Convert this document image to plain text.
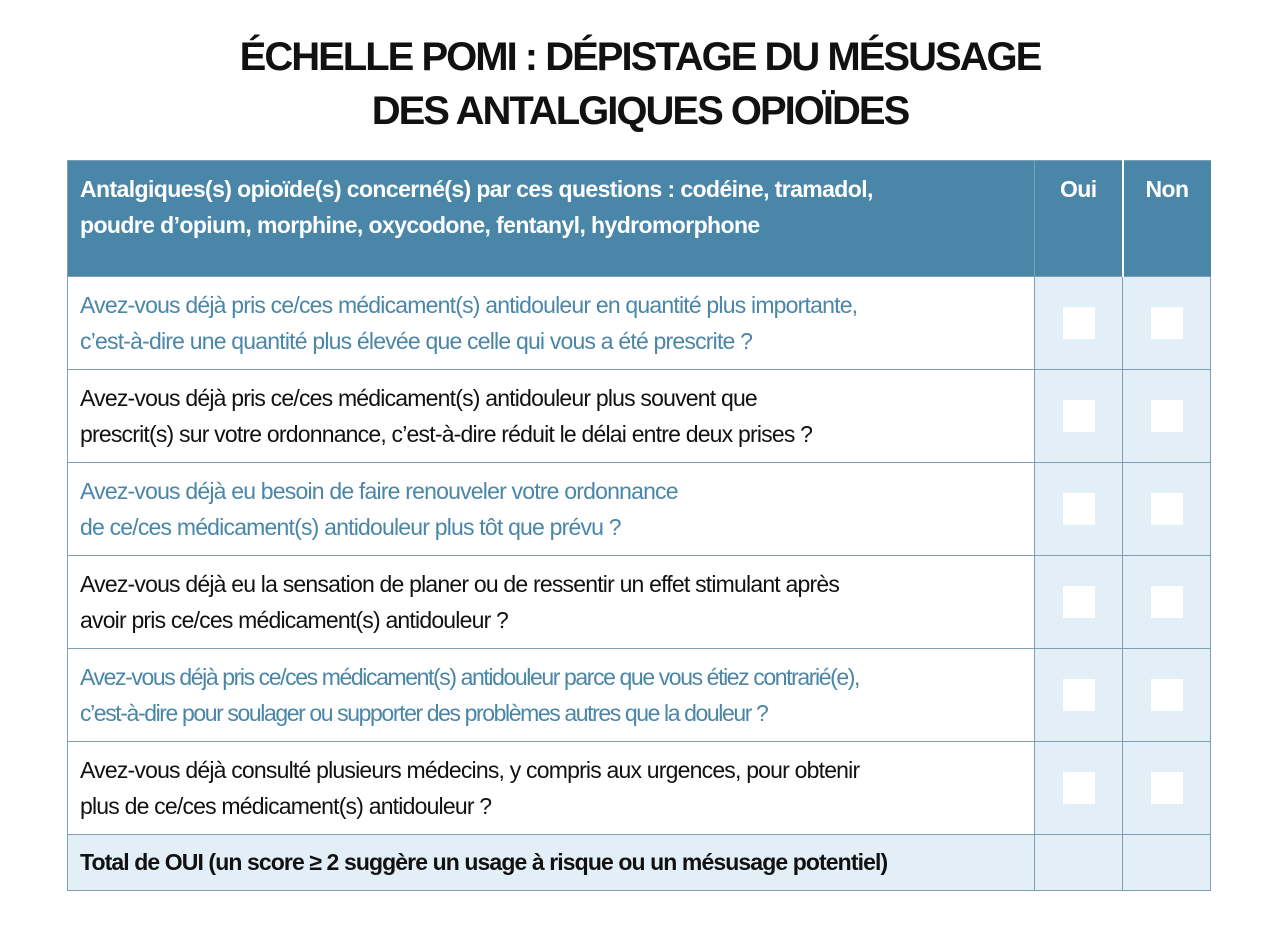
ÉCHELLE POMI : DÉPISTAGE DU MÉSUSAGE
DES ANTALGIQUES OPIOÏDES
Antalgiques(s) opioïde(s) concerné(s) par ces questions : codéine, tramadol,
poudre d’opium, morphine, oxycodone, fentanyl, hydromorphone	Oui	Non

Avez-vous déjà pris ce/ces médicament(s) antidouleur en quantité plus importante,
c’est-à-dire une quantité plus élevée que celle qui vous a été prescrite ?		

Avez-vous déjà pris ce/ces médicament(s) antidouleur plus souvent que
prescrit(s) sur votre ordonnance, c’est-à-dire réduit le délai entre deux prises ?		

Avez-vous déjà eu besoin de faire renouveler votre ordonnance
de ce/ces médicament(s) antidouleur plus tôt que prévu ?		

Avez-vous déjà eu la sensation de planer ou de ressentir un effet stimulant après
avoir pris ce/ces médicament(s) antidouleur ?		

Avez-vous déjà pris ce/ces médicament(s) antidouleur parce que vous étiez contrarié(e),
c’est-à-dire pour soulager ou supporter des problèmes autres que la douleur ?		

Avez-vous déjà consulté plusieurs médecins, y compris aux urgences, pour obtenir
plus de ce/ces médicament(s) antidouleur ?		

Total de OUI (un score ≥ 2 suggère un usage à risque ou un mésusage potentiel)		
